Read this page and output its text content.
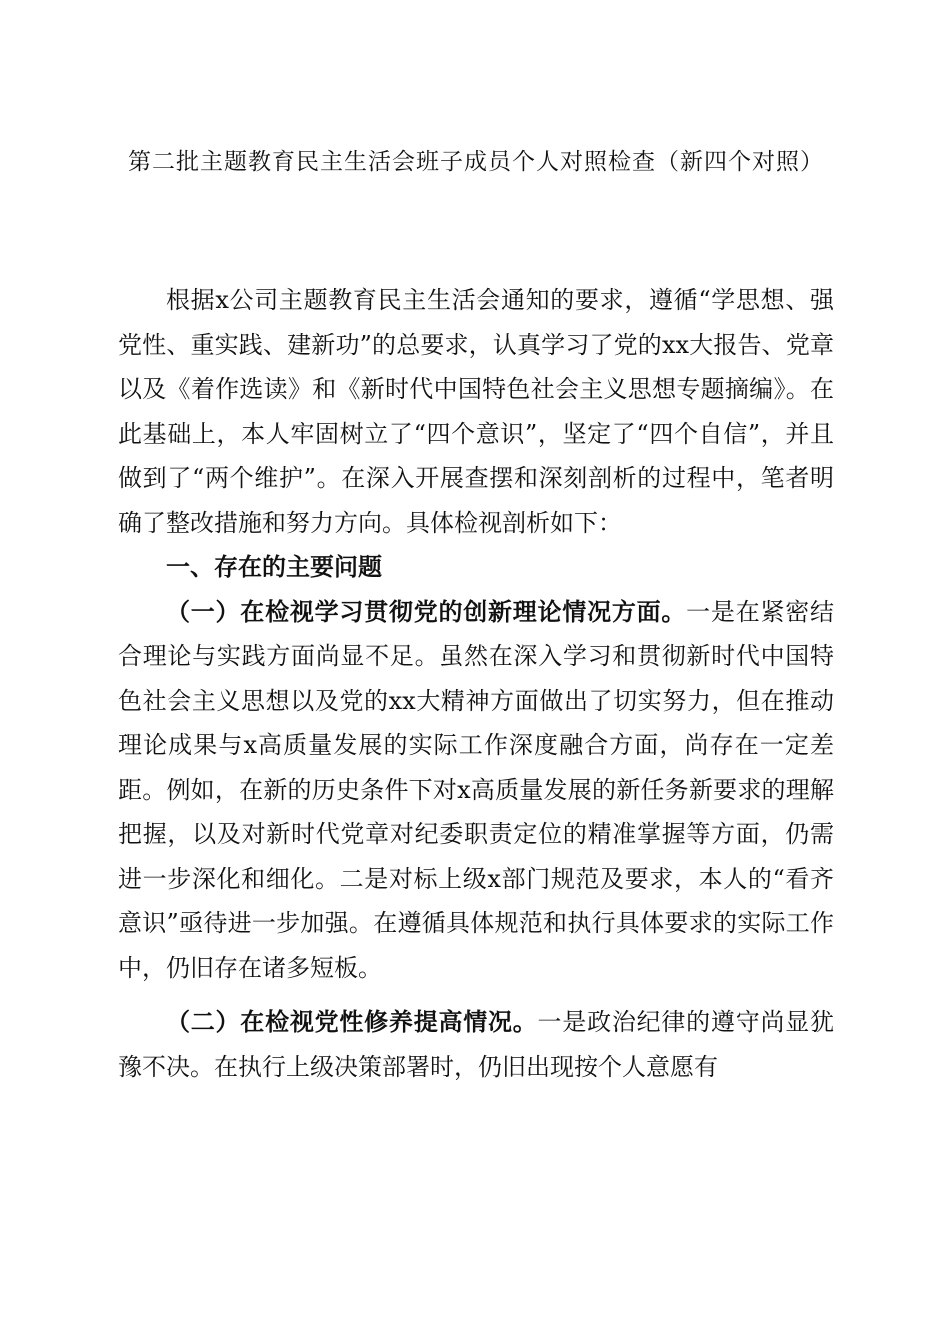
第二批主题教育民主生活会班子成员个人对照检查（新四个对照）

根据x公司主题教育民主生活会通知的要求，遵循“学思想、强党性、重实践、建新功”的总要求，认真学习了党的xx大报告、党章以及《着作选读》和《新时代中国特色社会主义思想专题摘编》。在此基础上，本人牢固树立了“四个意识”，坚定了“四个自信”，并且做到了“两个维护”。在深入开展查摆和深刻剖析的过程中，笔者明确了整改措施和努力方向。具体检视剖析如下：

一、存在的主要问题

（一）在检视学习贯彻党的创新理论情况方面。一是在紧密结合理论与实践方面尚显不足。虽然在深入学习和贯彻新时代中国特色社会主义思想以及党的xx大精神方面做出了切实努力，但在推动理论成果与x高质量发展的实际工作深度融合方面，尚存在一定差距。例如，在新的历史条件下对x高质量发展的新任务新要求的理解把握，以及对新时代党章对纪委职责定位的精准掌握等方面，仍需进一步深化和细化。二是对标上级x部门规范及要求，本人的“看齐意识”亟待进一步加强。在遵循具体规范和执行具体要求的实际工作中，仍旧存在诸多短板。

（二）在检视党性修养提高情况。一是政治纪律的遵守尚显犹豫不决。在执行上级决策部署时，仍旧出现按个人意愿有
